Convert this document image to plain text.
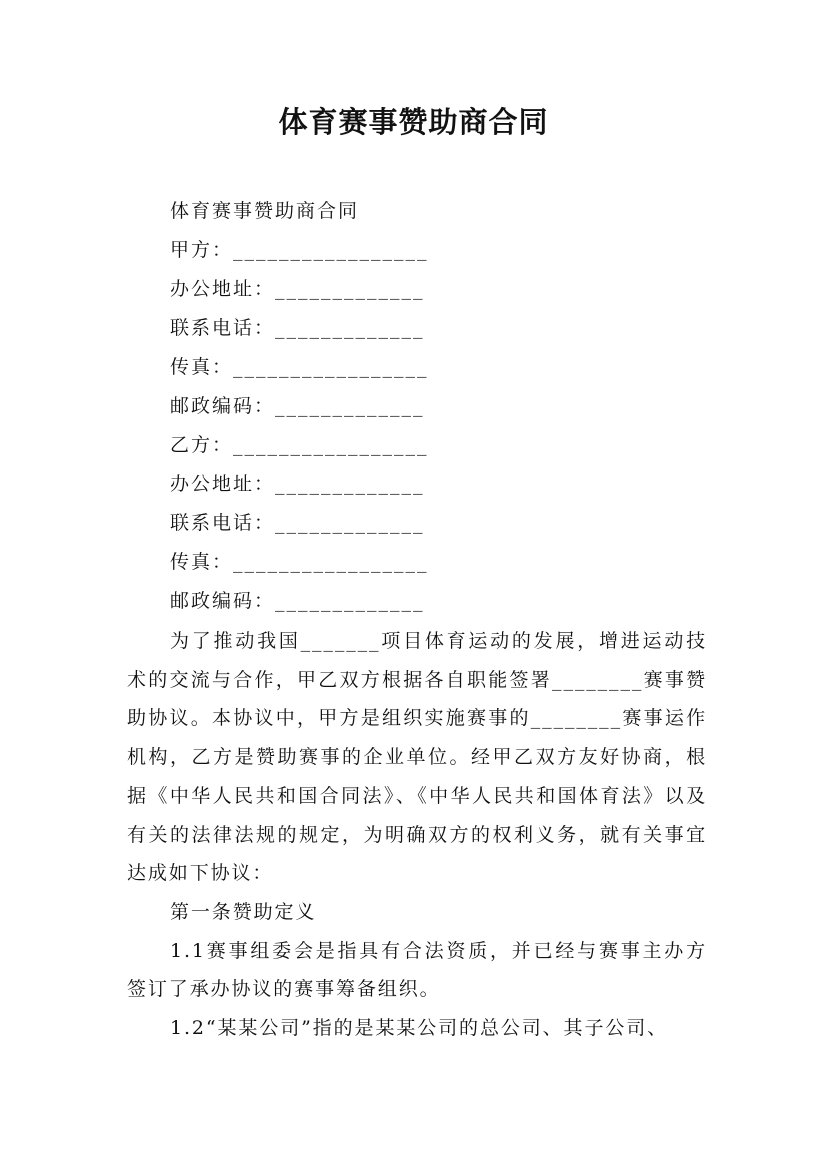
体育赛事赞助商合同
体育赛事赞助商合同
甲方：_________________
办公地址：_____________
联系电话：_____________
传真：_________________
邮政编码：_____________
乙方：_________________
办公地址：_____________
联系电话：_____________
传真：_________________
邮政编码：_____________

为了推动我国_______项目体育运动的发展，增进运动技术的交流与合作，甲乙双方根据各自职能签署________赛事赞助协议。本协议中，甲方是组织实施赛事的________赛事运作机构，乙方是赞助赛事的企业单位。经甲乙双方友好协商，根据《中华人民共和国合同法》、《中华人民共和国体育法》以及有关的法律法规的规定，为明确双方的权利义务，就有关事宜达成如下协议：

第一条赞助定义

1.1赛事组委会是指具有合法资质，并已经与赛事主办方签订了承办协议的赛事筹备组织。

1.2“某某公司”指的是某某公司的总公司、其子公司、
